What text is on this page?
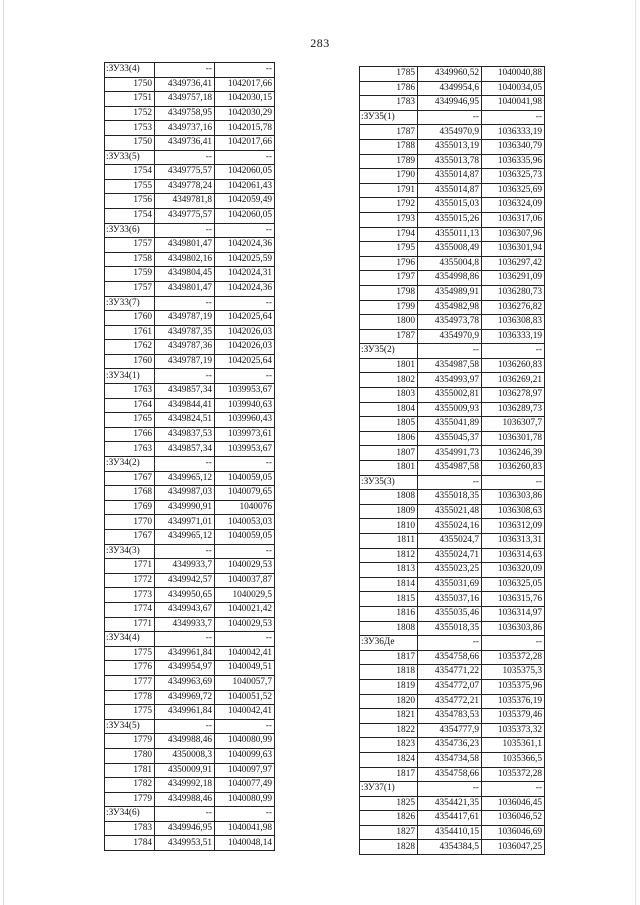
283
:ЗУ33(4)	--	--
1750	4349736,41	1042017,66
1751	4349757,18	1042030,15
1752	4349758,95	1042030,29
1753	4349737,16	1042015,78
1750	4349736,41	1042017,66
:ЗУ33(5)	--	--
1754	4349775,57	1042060,05
1755	4349778,24	1042061,43
1756	4349781,8	1042059,49
1754	4349775,57	1042060,05
:ЗУ33(6)	--	--
1757	4349801,47	1042024,36
1758	4349802,16	1042025,59
1759	4349804,45	1042024,31
1757	4349801,47	1042024,36
:ЗУ33(7)	--	--
1760	4349787,19	1042025,64
1761	4349787,35	1042026,03
1762	4349787,36	1042026,03
1760	4349787,19	1042025,64
:ЗУ34(1)	--	--
1763	4349857,34	1039953,67
1764	4349844,41	1039940,63
1765	4349824,51	1039960,43
1766	4349837,53	1039973,61
1763	4349857,34	1039953,67
:ЗУ34(2)	--	--
1767	4349965,12	1040059,05
1768	4349987,03	1040079,65
1769	4349990,91	1040076
1770	4349971,01	1040053,03
1767	4349965,12	1040059,05
:ЗУ34(3)	--	--
1771	4349933,7	1040029,53
1772	4349942,57	1040037,87
1773	4349950,65	1040029,5
1774	4349943,67	1040021,42
1771	4349933,7	1040029,53
:ЗУ34(4)	--	--
1775	4349961,84	1040042,41
1776	4349954,97	1040049,51
1777	4349963,69	1040057,7
1778	4349969,72	1040051,52
1775	4349961,84	1040042,41
:ЗУ34(5)	--	--
1779	4349988,46	1040080,99
1780	4350008,3	1040099,63
1781	4350009,91	1040097,97
1782	4349992,18	1040077,49
1779	4349988,46	1040080,99
:ЗУ34(6)	--	--
1783	4349946,95	1040041,98
1784	4349953,51	1040048,14
1785	4349960,52	1040040,88
1786	4349954,6	1040034,05
1783	4349946,95	1040041,98
:ЗУ35(1)	--	--
1787	4354970,9	1036333,19
1788	4355013,19	1036340,79
1789	4355013,78	1036335,96
1790	4355014,87	1036325,73
1791	4355014,87	1036325,69
1792	4355015,03	1036324,09
1793	4355015,26	1036317,06
1794	4355011,13	1036307,96
1795	4355008,49	1036301,94
1796	4355004,8	1036297,42
1797	4354998,86	1036291,09
1798	4354989,91	1036280,73
1799	4354982,98	1036276,82
1800	4354973,78	1036308,83
1787	4354970,9	1036333,19
:ЗУ35(2)	--	--
1801	4354987,58	1036260,83
1802	4354993,97	1036269,21
1803	4355002,81	1036278,97
1804	4355009,93	1036289,73
1805	4355041,89	1036307,7
1806	4355045,37	1036301,78
1807	4354991,73	1036246,39
1801	4354987,58	1036260,83
:ЗУ35(3)	--	--
1808	4355018,35	1036303,86
1809	4355021,48	1036308,63
1810	4355024,16	1036312,09
1811	4355024,7	1036313,31
1812	4355024,71	1036314,63
1813	4355023,25	1036320,09
1814	4355031,69	1036325,05
1815	4355037,16	1036315,76
1816	4355035,46	1036314,97
1808	4355018,35	1036303,86
:ЗУ36Де	--	--
1817	4354758,66	1035372,28
1818	4354771,22	1035375,3
1819	4354772,07	1035375,96
1820	4354772,21	1035376,19
1821	4354783,53	1035379,46
1822	4354777,9	1035373,32
1823	4354736,23	1035361,1
1824	4354734,58	1035366,5
1817	4354758,66	1035372,28
:ЗУ37(1)	--	--
1825	4354421,35	1036046,45
1826	4354417,61	1036046,52
1827	4354410,15	1036046,69
1828	4354384,5	1036047,25
